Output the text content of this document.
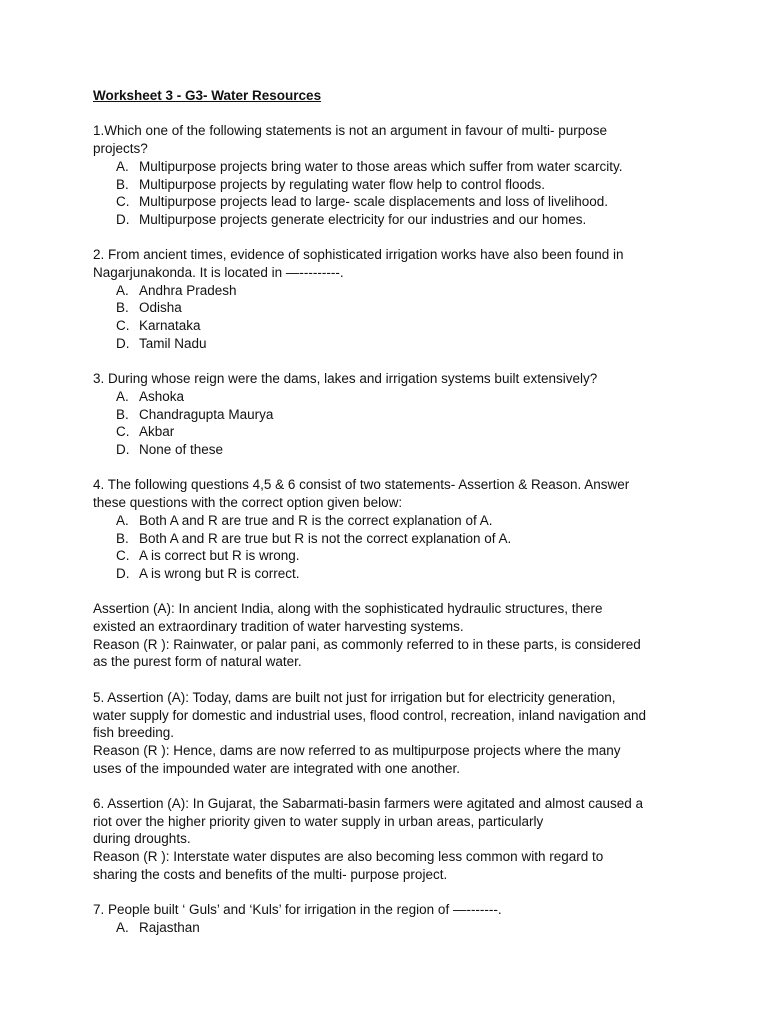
Worksheet 3 - G3- Water Resources
1.Which one of the following statements is not an argument in favour of multi- purpose
projects?
A. Multipurpose projects bring water to those areas which suffer from water scarcity.
B. Multipurpose projects by regulating water flow help to control floods.
C. Multipurpose projects lead to large- scale displacements and loss of livelihood.
D. Multipurpose projects generate electricity for our industries and our homes.
2. From ancient times, evidence of sophisticated irrigation works have also been found in
Nagarjunakonda. It is located in —---------.
A. Andhra Pradesh
B. Odisha
C. Karnataka
D. Tamil Nadu
3. During whose reign were the dams, lakes and irrigation systems built extensively?
A. Ashoka
B. Chandragupta Maurya
C. Akbar
D. None of these
4. The following questions 4,5 & 6 consist of two statements- Assertion & Reason. Answer
these questions with the correct option given below:
A. Both A and R are true and R is the correct explanation of A.
B. Both A and R are true but R is not the correct explanation of A.
C. A is correct but R is wrong.
D. A is wrong but R is correct.
Assertion (A): In ancient India, along with the sophisticated hydraulic structures, there
existed an extraordinary tradition of water harvesting systems.
Reason (R ): Rainwater, or palar pani, as commonly referred to in these parts, is considered
as the purest form of natural water.
5. Assertion (A): Today, dams are built not just for irrigation but for electricity generation,
water supply for domestic and industrial uses, flood control, recreation, inland navigation and
fish breeding.
Reason (R ): Hence, dams are now referred to as multipurpose projects where the many
uses of the impounded water are integrated with one another.
6. Assertion (A): In Gujarat, the Sabarmati-basin farmers were agitated and almost caused a
riot over the higher priority given to water supply in urban areas, particularly
during droughts.
Reason (R ): Interstate water disputes are also becoming less common with regard to
sharing the costs and benefits of the multi- purpose project.
7. People built ‘ Guls’ and ‘Kuls’ for irrigation in the region of —-------.
A. Rajasthan
